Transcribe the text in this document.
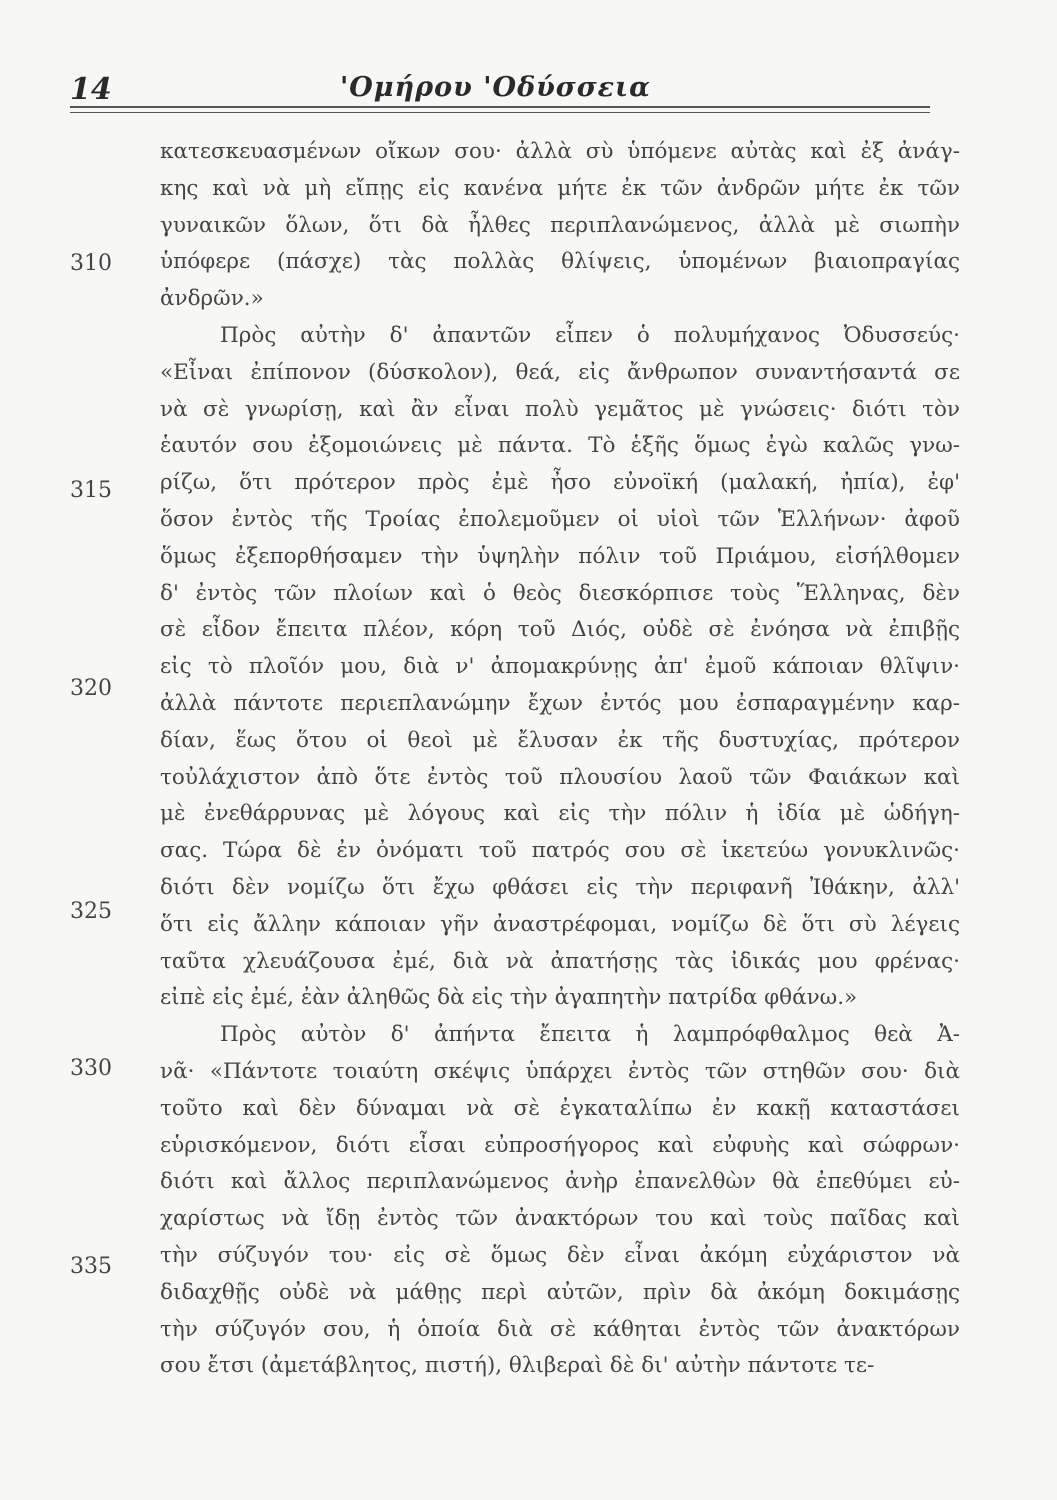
14	'Ομήρου 'Οδύσσεια
κατεσκευασμένων οἴκων σου· ἀλλὰ σὺ ὑπόμενε αὐτὰς καὶ ἐξ ἀνάγ-
κης καὶ νὰ μὴ εἴπῃς εἰς κανένα μήτε ἐκ τῶν ἀνδρῶν μήτε ἐκ τῶν
γυναικῶν ὅλων, ὅτι δὰ ἦλθες περιπλανώμενος, ἀλλὰ μὲ σιωπὴν
ὑπόφερε (πάσχε) τὰς πολλὰς θλίψεις, ὑπομένων βιαιοπραγίας
ἀνδρῶν.»
Πρὸς αὐτὴν δ' ἀπαντῶν εἶπεν ὁ πολυμήχανος Ὀδυσσεύς·
«Εἶναι ἐπίπονον (δύσκολον), θεά, εἰς ἄνθρωπον συναντήσαντά σε
νὰ σὲ γνωρίσῃ, καὶ ἂν εἶναι πολὺ γεμᾶτος μὲ γνώσεις· διότι τὸν
ἑαυτόν σου ἐξομοιώνεις μὲ πάντα. Τὸ ἑξῆς ὅμως ἐγὼ καλῶς γνω-
ρίζω, ὅτι πρότερον πρὸς ἐμὲ ἦσο εὐνοϊκή (μαλακή, ἠπία), ἐφ'
ὅσον ἐντὸς τῆς Τροίας ἐπολεμοῦμεν οἱ υἱοὶ τῶν Ἑλλήνων· ἀφοῦ
ὅμως ἐξεπορθήσαμεν τὴν ὑψηλὴν πόλιν τοῦ Πριάμου, εἰσήλθομεν
δ' ἐντὸς τῶν πλοίων καὶ ὁ θεὸς διεσκόρπισε τοὺς Ἕλληνας, δὲν
σὲ εἶδον ἔπειτα πλέον, κόρη τοῦ Διός, οὐδὲ σὲ ἐνόησα νὰ ἐπιβῇς
εἰς τὸ πλοῖόν μου, διὰ ν' ἀπομακρύνῃς ἀπ' ἐμοῦ κάποιαν θλῖψιν·
ἀλλὰ πάντοτε περιεπλανώμην ἔχων ἐντός μου ἐσπαραγμένην καρ-
δίαν, ἕως ὅτου οἱ θεοὶ μὲ ἔλυσαν ἐκ τῆς δυστυχίας, πρότερον
τοὐλάχιστον ἀπὸ ὅτε ἐντὸς τοῦ πλουσίου λαοῦ τῶν Φαιάκων καὶ
μὲ ἐνεθάρρυνας μὲ λόγους καὶ εἰς τὴν πόλιν ἡ ἰδία μὲ ὡδήγη-
σας. Τώρα δὲ ἐν ὀνόματι τοῦ πατρός σου σὲ ἱκετεύω γονυκλινῶς·
διότι δὲν νομίζω ὅτι ἔχω φθάσει εἰς τὴν περιφανῆ Ἰθάκην, ἀλλ'
ὅτι εἰς ἄλλην κάποιαν γῆν ἀναστρέφομαι, νομίζω δὲ ὅτι σὺ λέγεις
ταῦτα χλευάζουσα ἐμέ, διὰ νὰ ἀπατήσῃς τὰς ἰδικάς μου φρένας·
εἰπὲ εἰς ἐμέ, ἐὰν ἀληθῶς δὰ εἰς τὴν ἀγαπητὴν πατρίδα φθάνω.»
Πρὸς αὐτὸν δ' ἀπήντα ἔπειτα ἡ λαμπρόφθαλμος θεὰ Ἀ-
νᾶ· «Πάντοτε τοιαύτη σκέψις ὑπάρχει ἐντὸς τῶν στηθῶν σου· διὰ
τοῦτο καὶ δὲν δύναμαι νὰ σὲ ἐγκαταλίπω ἐν κακῇ καταστάσει
εὑρισκόμενον, διότι εἶσαι εὐπροσήγορος καὶ εὐφυὴς καὶ σώφρων·
διότι καὶ ἄλλος περιπλανώμενος ἀνὴρ ἐπανελθὼν θὰ ἐπεθύμει εὐ-
χαρίστως νὰ ἴδῃ ἐντὸς τῶν ἀνακτόρων του καὶ τοὺς παῖδας καὶ
τὴν σύζυγόν του· εἰς σὲ ὅμως δὲν εἶναι ἀκόμη εὐχάριστον νὰ
διδαχθῇς οὐδὲ νὰ μάθῃς περὶ αὐτῶν, πρὶν δὰ ἀκόμη δοκιμάσῃς
τὴν σύζυγόν σου, ἡ ὁποία διὰ σὲ κάθηται ἐντὸς τῶν ἀνακτόρων
σου ἔτσι (ἀμετάβλητος, πιστή), θλιβεραὶ δὲ δι' αὐτὴν πάντοτε τε-
310
315
320
325
330
335
